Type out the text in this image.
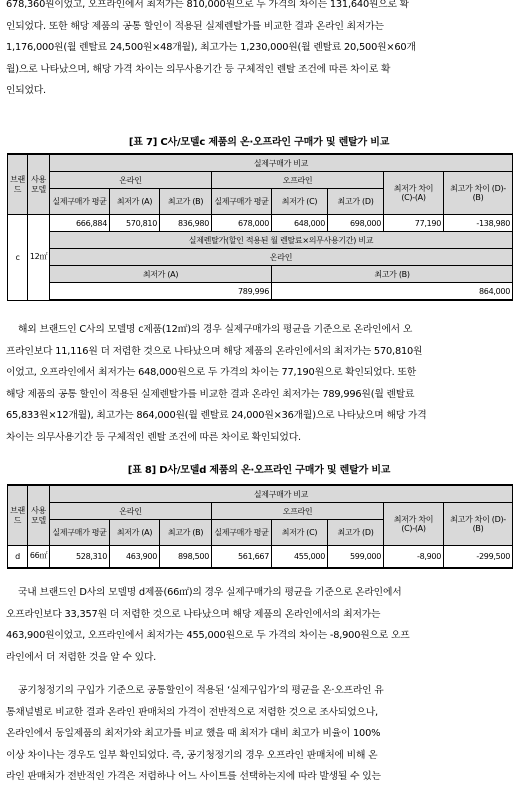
678,360원이었고, 오프라인에서 최저가는 810,000원으로 두 가격의 차이는 131,640원으로 확

인되었다. 또한 해당 제품의 공통 할인이 적용된 실제렌탈가를 비교한 결과 온라인 최저가는

1,176,000원(월 렌탈료 24,500원×48개월), 최고가는 1,230,000원(월 렌탈료 20,500원×60개

월)으로 나타났으며, 해당 가격 차이는 의무사용기간 등 구체적인 렌탈 조건에 따른 차이로 확

인되었다.

[표 7] C사/모델c 제품의 온·오프라인 구매가 및 렌탈가 비교
브랜드	사용모델	실제구매가 비교							
		온라인			오프라인			최저가 차이 (C)-(A)	최고가 차이 (D)-(B)
		실제구매가 평균	최저가 (A)	최고가 (B)	실제구매가 평균	최저가 (C)	최고가 (D)		
c	12㎡	666,884	570,810	836,980	678,000	648,000	698,000	77,190	-138,980
		실제렌탈가(할인 적용된 월 렌탈료×의무사용기간) 비교							
		온라인							
		최저가 (A)				최고가 (B)			
		789,996				864,000			

해외 브랜드인 C사의 모델명 c제품(12㎡)의 경우 실제구매가의 평균을 기준으로 온라인에서 오

프라인보다 11,116원 더 저렴한 것으로 나타났으며 해당 제품의 온라인에서의 최저가는 570,810원

이었고, 오프라인에서 최저가는 648,000원으로 두 가격의 차이는 77,190원으로 확인되었다. 또한

해당 제품의 공통 할인이 적용된 실제렌탈가를 비교한 결과 온라인 최저가는 789,996원(월 렌탈료

65,833원×12개월), 최고가는 864,000원(월 렌탈료 24,000원×36개월)으로 나타났으며 해당 가격

차이는 의무사용기간 등 구체적인 렌탈 조건에 따른 차이로 확인되었다.

[표 8] D사/모델d 제품의 온·오프라인 구매가 및 렌탈가 비교
브랜드	사용모델	실제구매가 비교							
		온라인			오프라인			최저가 차이 (C)-(A)	최고가 차이 (D)-(B)
		실제구매가 평균	최저가 (A)	최고가 (B)	실제구매가 평균	최저가 (C)	최고가 (D)		
d	66㎡	528,310	463,900	898,500	561,667	455,000	599,000	-8,900	-299,500

국내 브랜드인 D사의 모델명 d제품(66㎡)의 경우 실제구매가의 평균을 기준으로 온라인에서

오프라인보다 33,357원 더 저렴한 것으로 나타났으며 해당 제품의 온라인에서의 최저가는

463,900원이었고, 오프라인에서 최저가는 455,000원으로 두 가격의 차이는 -8,900원으로 오프

라인에서 더 저렴한 것을 알 수 있다.

공기청정기의 구입가 기준으로 공통할인이 적용된 ‘실제구입가’의 평균을 온·오프라인 유

통채널별로 비교한 결과 온라인 판매처의 가격이 전반적으로 저렴한 것으로 조사되었으나,

온라인에서 동일제품의 최저가와 최고가를 비교 했을 때 최저가 대비 최고가 비율이 100%

이상 차이나는 경우도 일부 확인되었다. 즉, 공기청정기의 경우 오프라인 판매처에 비해 온

라인 판매처가 전반적인 가격은 저렴하나 어느 사이트를 선택하는지에 따라 발생될 수 있는
